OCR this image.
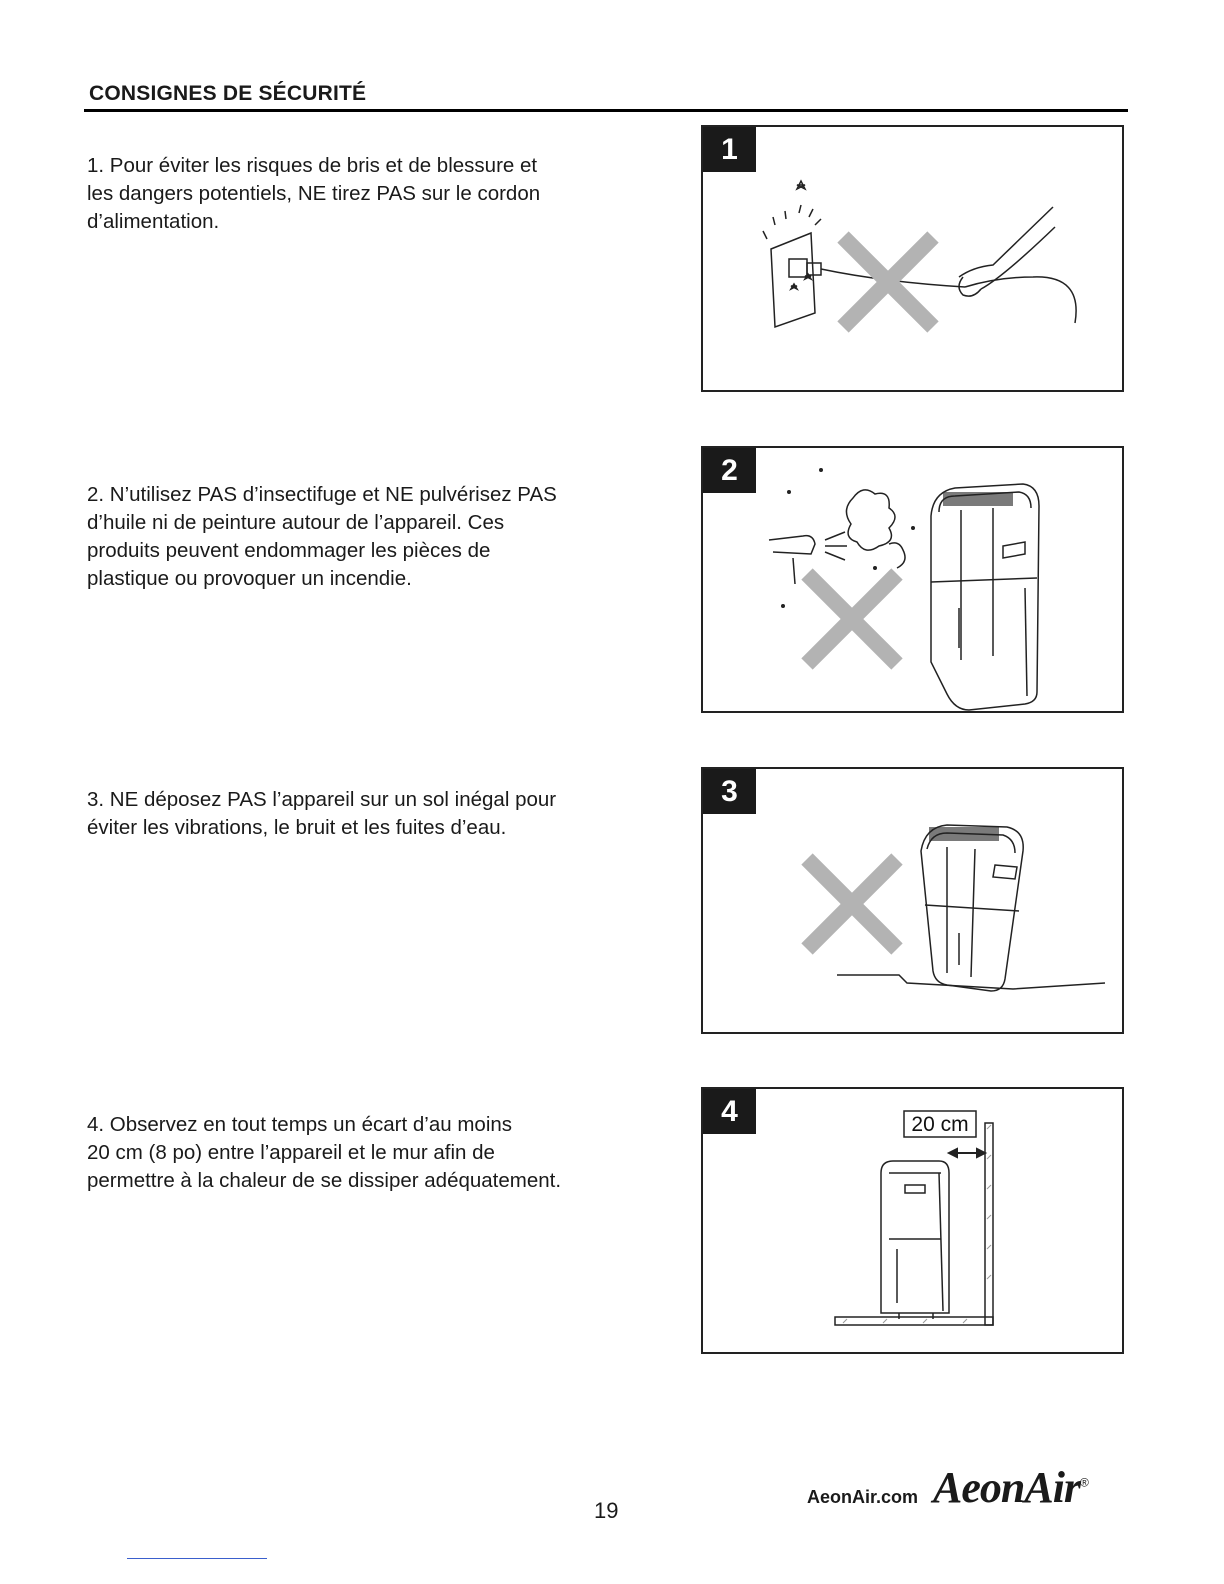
CONSIGNES DE SÉCURITÉ
1. Pour éviter les risques de bris et de blessure et
les dangers potentiels, NE tirez PAS sur le cordon
d’alimentation.
1
2. N’utilisez PAS d’insectifuge et NE pulvérisez PAS
d’huile ni de peinture autour de l’appareil. Ces
produits peuvent endommager les pièces de
plastique ou provoquer un incendie.
2
3. NE déposez PAS l’appareil sur un sol inégal pour
éviter les vibrations, le bruit et les fuites d’eau.
3
4. Observez en tout temps un écart d’au moins
20 cm (8 po) entre l’appareil et le mur afin de
permettre à la chaleur de se dissiper adéquatement.
4	20 cm
19
AeonAir.com AeonAir®
